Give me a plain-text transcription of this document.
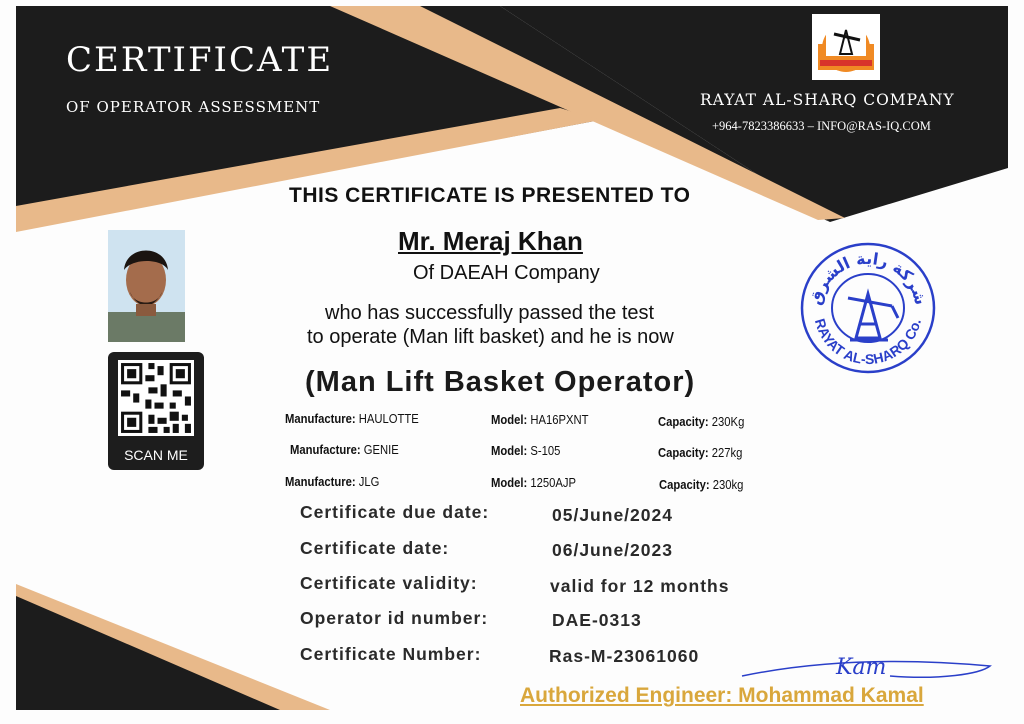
CERTIFICATE
OF OPERATOR ASSESSMENT	RAYAT AL-SHARQ COMPANY
+964-7823386633 – INFO@RAS-IQ.COM
SCAN ME
THIS CERTIFICATE IS PRESENTED TO
Mr. Meraj Khan
Of DAEAH Company
who has successfully passed the test
to operate (Man lift basket) and he is now
(Man Lift Basket Operator)
Manufacture: HAULOTTE	Model: HA16PXNT	Capacity: 230Kg
Manufacture: GENIE	Model: S-105	Capacity: 227kg
Manufacture: JLG	Model: 1250AJP	Capacity: 230kg
Certificate due date:	05/June/2024
Certificate date:	06/June/2023
Certificate validity:	valid for 12 months
Operator id number:	DAE-0313
Certificate Number:	Ras-M-23061060
شركة راية الشرق
RAYAT AL-SHARQ Co.
Kam
Authorized Engineer: Mohammad Kamal
